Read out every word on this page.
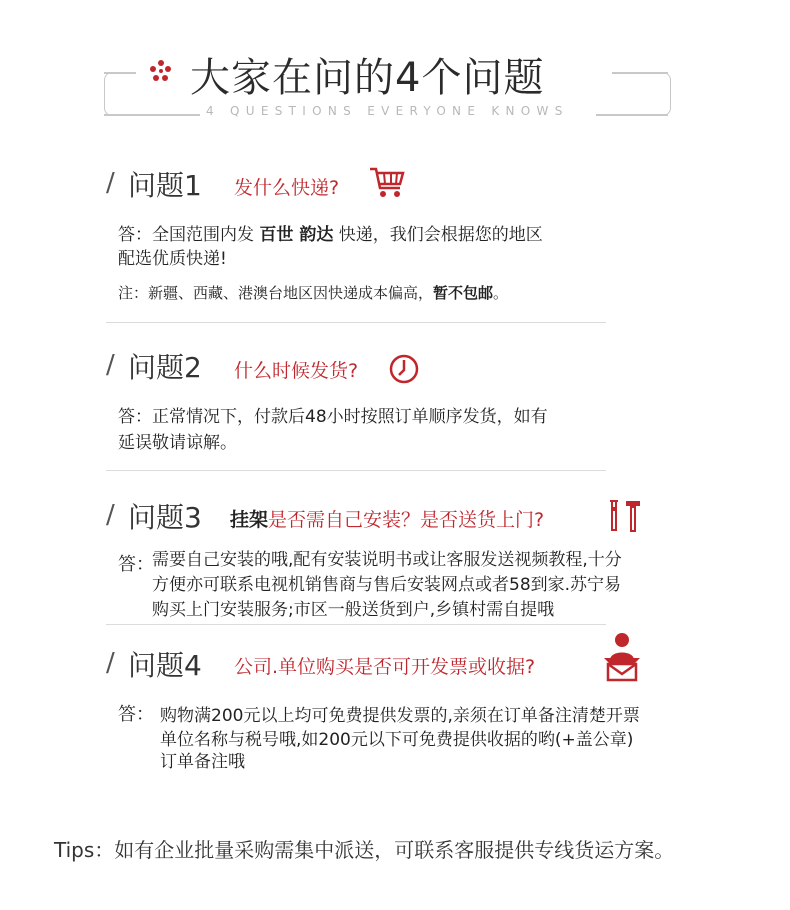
大家在问的4个问题
4 QUESTIONS EVERYONE KNOWS
/ 问题1 发什么快递?
答：全国范围内发 百世 韵达 快递，我们会根据您的地区
配选优质快递!
注：新疆、西藏、港澳台地区因快递成本偏高，暂不包邮。
/ 问题2 什么时候发货?
答：正常情况下，付款后48小时按照订单顺序发货，如有
延误敬请谅解。
/ 问题3 挂架是否需自己安装？是否送货上门?
答：
需要自己安装的哦,配有安装说明书或让客服发送视频教程,十分
方便亦可联系电视机销售商与售后安装网点或者58到家.苏宁易
购买上门安装服务;市区一般送货到户,乡镇村需自提哦
/ 问题4 公司.单位购买是否可开发票或收据?
答： 购物满200元以上均可免费提供发票的,亲须在订单备注清楚开票
单位名称与税号哦,如200元以下可免费提供收据的哟(+盖公章)
订单备注哦
Tips：如有企业批量采购需集中派送，可联系客服提供专线货运方案。
